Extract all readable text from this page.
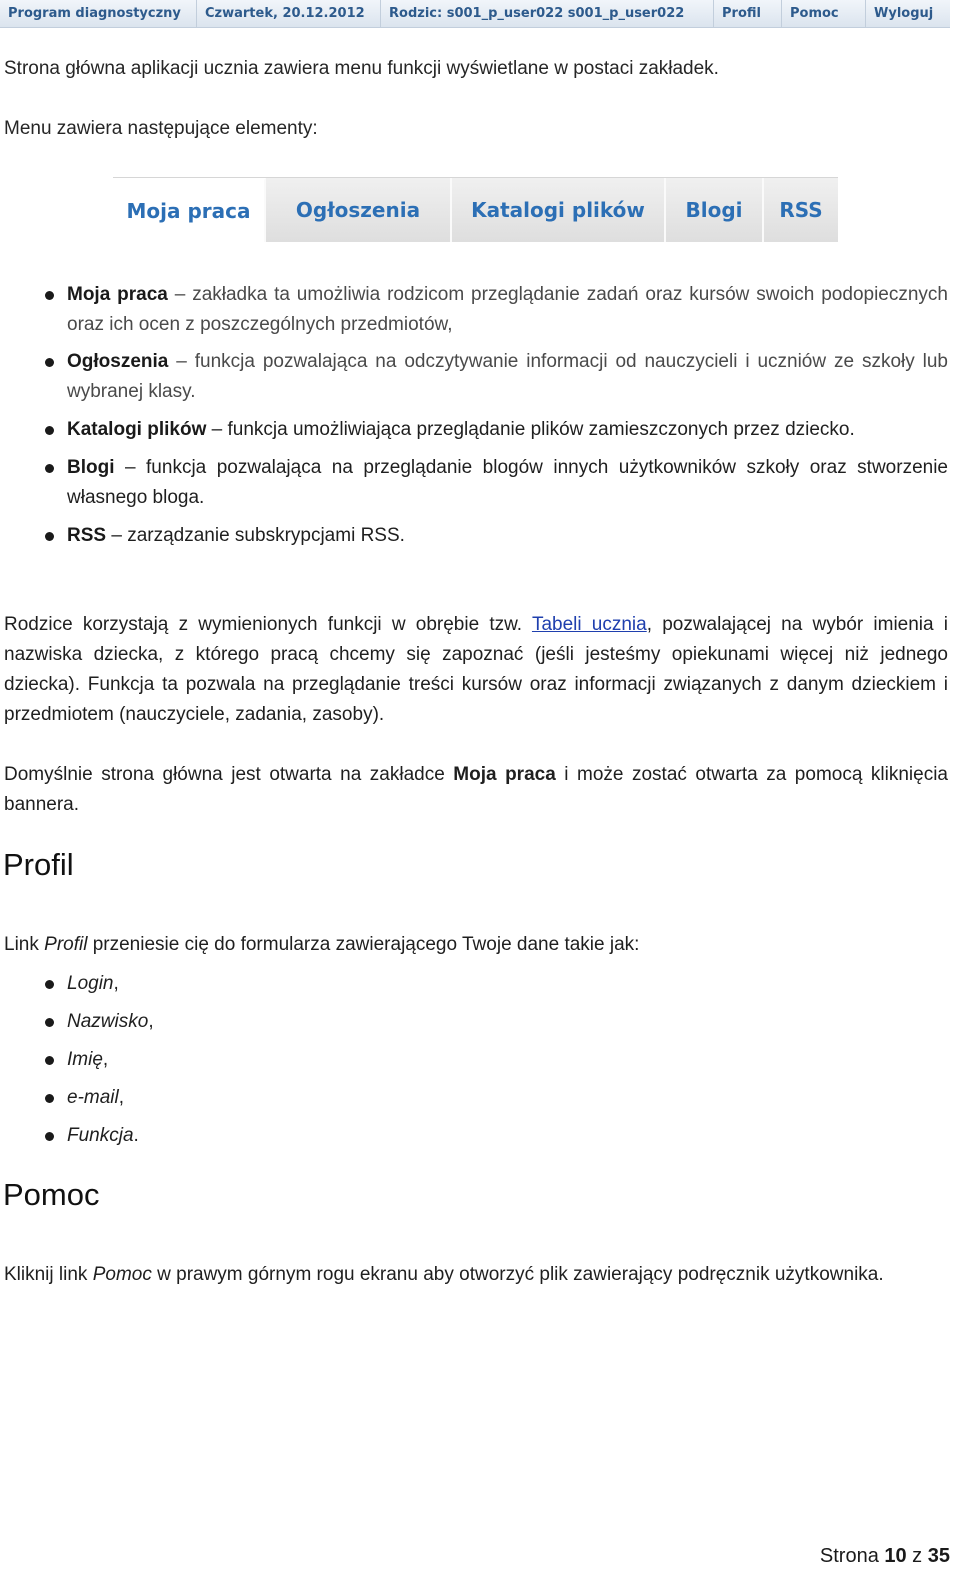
Program diagnostyczny	Czwartek, 20.12.2012	Rodzic: s001_p_user022 s001_p_user022	Profil	Pomoc	Wyloguj
Strona główna aplikacji ucznia zawiera menu funkcji wyświetlane w postaci zakładek.
Menu zawiera następujące elementy:
Moja praca	Ogłoszenia	Katalogi plików	Blogi	RSS
Moja praca – zakładka ta umożliwia rodzicom przeglądanie zadań oraz kursów swoich podopiecznych oraz ich ocen z poszczególnych przedmiotów,
Ogłoszenia – funkcja pozwalająca na odczytywanie informacji od nauczycieli i uczniów ze szkoły lub wybranej klasy.
Katalogi plików – funkcja umożliwiająca przeglądanie plików zamieszczonych przez dziecko.
Blogi – funkcja pozwalająca na przeglądanie blogów innych użytkowników szkoły oraz stworzenie własnego bloga.
RSS – zarządzanie subskrypcjami RSS.

Rodzice korzystają z wymienionych funkcji w obrębie tzw. Tabeli ucznia, pozwalającej na wybór imienia i nazwiska dziecka, z którego pracą chcemy się zapoznać (jeśli jesteśmy opiekunami więcej niż jednego dziecka). Funkcja ta pozwala na przeglądanie treści kursów oraz informacji związanych z danym dzieckiem i przedmiotem (nauczyciele, zadania, zasoby).

Domyślnie strona główna jest otwarta na zakładce Moja praca i może zostać otwarta za pomocą kliknięcia bannera.

Profil

Link Profil przeniesie cię do formularza zawierającego Twoje dane takie jak:

Login,
Nazwisko,
Imię,
e-mail,
Funkcja.
Pomoc

Kliknij link Pomoc w prawym górnym rogu ekranu aby otworzyć plik zawierający podręcznik użytkownika.

Strona 10 z 35
